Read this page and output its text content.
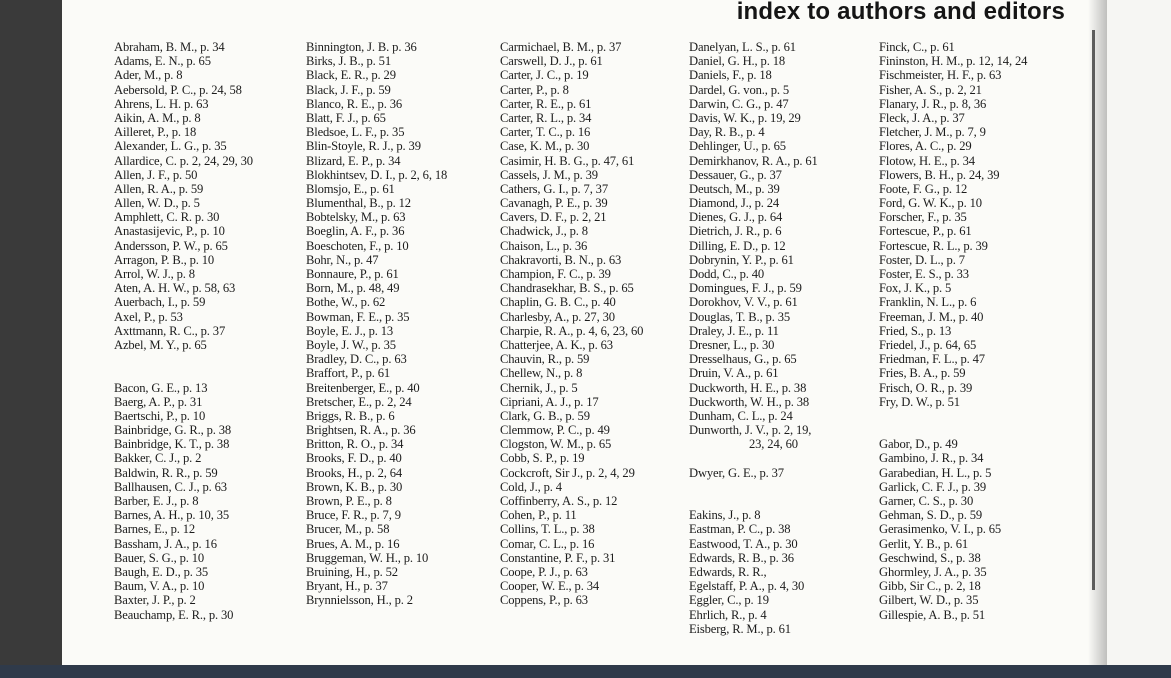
index to authors and editors
Abraham, B. M., p. 34
Adams, E. N., p. 65
Ader, M., p. 8
Aebersold, P. C., p. 24, 58
Ahrens, L. H. p. 63
Aikin, A. M., p. 8
Ailleret, P., p. 18
Alexander, L. G., p. 35
Allardice, C. p. 2, 24, 29, 30
Allen, J. F., p. 50
Allen, R. A., p. 59
Allen, W. D., p. 5
Amphlett, C. R. p. 30
Anastasijevic, P., p. 10
Andersson, P. W., p. 65
Arragon, P. B., p. 10
Arrol, W. J., p. 8
Aten, A. H. W., p. 58, 63
Auerbach, I., p. 59
Axel, P., p. 53
Axttmann, R. C., p. 37
Azbel, M. Y., p. 65
Bacon, G. E., p. 13
Baerg, A. P., p. 31
Baertschi, P., p. 10
Bainbridge, G. R., p. 38
Bainbridge, K. T., p. 38
Bakker, C. J., p. 2
Baldwin, R. R., p. 59
Ballhausen, C. J., p. 63
Barber, E. J., p. 8
Barnes, A. H., p. 10, 35
Barnes, E., p. 12
Bassham, J. A., p. 16
Bauer, S. G., p. 10
Baugh, E. D., p. 35
Baum, V. A., p. 10
Baxter, J. P., p. 2
Beauchamp, E. R., p. 30
Binnington, J. B. p. 36
Birks, J. B., p. 51
Black, E. R., p. 29
Black, J. F., p. 59
Blanco, R. E., p. 36
Blatt, F. J., p. 65
Bledsoe, L. F., p. 35
Blin-Stoyle, R. J., p. 39
Blizard, E. P., p. 34
Blokhintsev, D. I., p. 2, 6, 18
Blomsjo, E., p. 61
Blumenthal, B., p. 12
Bobtelsky, M., p. 63
Boeglin, A. F., p. 36
Boeschoten, F., p. 10
Bohr, N., p. 47
Bonnaure, P., p. 61
Born, M., p. 48, 49
Bothe, W., p. 62
Bowman, F. E., p. 35
Boyle, E. J., p. 13
Boyle, J. W., p. 35
Bradley, D. C., p. 63
Braffort, P., p. 61
Breitenberger, E., p. 40
Bretscher, E., p. 2, 24
Briggs, R. B., p. 6
Brightsen, R. A., p. 36
Britton, R. O., p. 34
Brooks, F. D., p. 40
Brooks, H., p. 2, 64
Brown, K. B., p. 30
Brown, P. E., p. 8
Bruce, F. R., p. 7, 9
Brucer, M., p. 58
Brues, A. M., p. 16
Bruggeman, W. H., p. 10
Bruining, H., p. 52
Bryant, H., p. 37
Brynnielsson, H., p. 2
Carmichael, B. M., p. 37
Carswell, D. J., p. 61
Carter, J. C., p. 19
Carter, P., p. 8
Carter, R. E., p. 61
Carter, R. L., p. 34
Carter, T. C., p. 16
Case, K. M., p. 30
Casimir, H. B. G., p. 47, 61
Cassels, J. M., p. 39
Cathers, G. I., p. 7, 37
Cavanagh, P. E., p. 39
Cavers, D. F., p. 2, 21
Chadwick, J., p. 8
Chaison, L., p. 36
Chakravorti, B. N., p. 63
Champion, F. C., p. 39
Chandrasekhar, B. S., p. 65
Chaplin, G. B. C., p. 40
Charlesby, A., p. 27, 30
Charpie, R. A., p. 4, 6, 23, 60
Chatterjee, A. K., p. 63
Chauvin, R., p. 59
Chellew, N., p. 8
Chernik, J., p. 5
Cipriani, A. J., p. 17
Clark, G. B., p. 59
Clemmow, P. C., p. 49
Clogston, W. M., p. 65
Cobb, S. P., p. 19
Cockcroft, Sir J., p. 2, 4, 29
Cold, J., p. 4
Coffinberry, A. S., p. 12
Cohen, P., p. 11
Collins, T. L., p. 38
Comar, C. L., p. 16
Constantine, P. F., p. 31
Coope, P. J., p. 63
Cooper, W. E., p. 34
Coppens, P., p. 63
Danelyan, L. S., p. 61
Daniel, G. H., p. 18
Daniels, F., p. 18
Dardel, G. von., p. 5
Darwin, C. G., p. 47
Davis, W. K., p. 19, 29
Day, R. B., p. 4
Dehlinger, U., p. 65
Demirkhanov, R. A., p. 61
Dessauer, G., p. 37
Deutsch, M., p. 39
Diamond, J., p. 24
Dienes, G. J., p. 64
Dietrich, J. R., p. 6
Dilling, E. D., p. 12
Dobrynin, Y. P., p. 61
Dodd, C., p. 40
Domingues, F. J., p. 59
Dorokhov, V. V., p. 61
Douglas, T. B., p. 35
Draley, J. E., p. 11
Dresner, L., p. 30
Dresselhaus, G., p. 65
Druin, V. A., p. 61
Duckworth, H. E., p. 38
Duckworth, W. H., p. 38
Dunham, C. L., p. 24
Dunworth, J. V., p. 2, 19,
23, 24, 60
Dwyer, G. E., p. 37
Eakins, J., p. 8
Eastman, P. C., p. 38
Eastwood, T. A., p. 30
Edwards, R. B., p. 36
Edwards, R. R.,
Egelstaff, P. A., p. 4, 30
Eggler, C., p. 19
Ehrlich, R., p. 4
Eisberg, R. M., p. 61
Finck, C., p. 61
Fininston, H. M., p. 12, 14, 24
Fischmeister, H. F., p. 63
Fisher, A. S., p. 2, 21
Flanary, J. R., p. 8, 36
Fleck, J. A., p. 37
Fletcher, J. M., p. 7, 9
Flores, A. C., p. 29
Flotow, H. E., p. 34
Flowers, B. H., p. 24, 39
Foote, F. G., p. 12
Ford, G. W. K., p. 10
Forscher, F., p. 35
Fortescue, P., p. 61
Fortescue, R. L., p. 39
Foster, D. L., p. 7
Foster, E. S., p. 33
Fox, J. K., p. 5
Franklin, N. L., p. 6
Freeman, J. M., p. 40
Fried, S., p. 13
Friedel, J., p. 64, 65
Friedman, F. L., p. 47
Fries, B. A., p. 59
Frisch, O. R., p. 39
Fry, D. W., p. 51
Gabor, D., p. 49
Gambino, J. R., p. 34
Garabedian, H. L., p. 5
Garlick, C. F. J., p. 39
Garner, C. S., p. 30
Gehman, S. D., p. 59
Gerasimenko, V. I., p. 65
Gerlit, Y. B., p. 61
Geschwind, S., p. 38
Ghormley, J. A., p. 35
Gibb, Sir C., p. 2, 18
Gilbert, W. D., p. 35
Gillespie, A. B., p. 51
